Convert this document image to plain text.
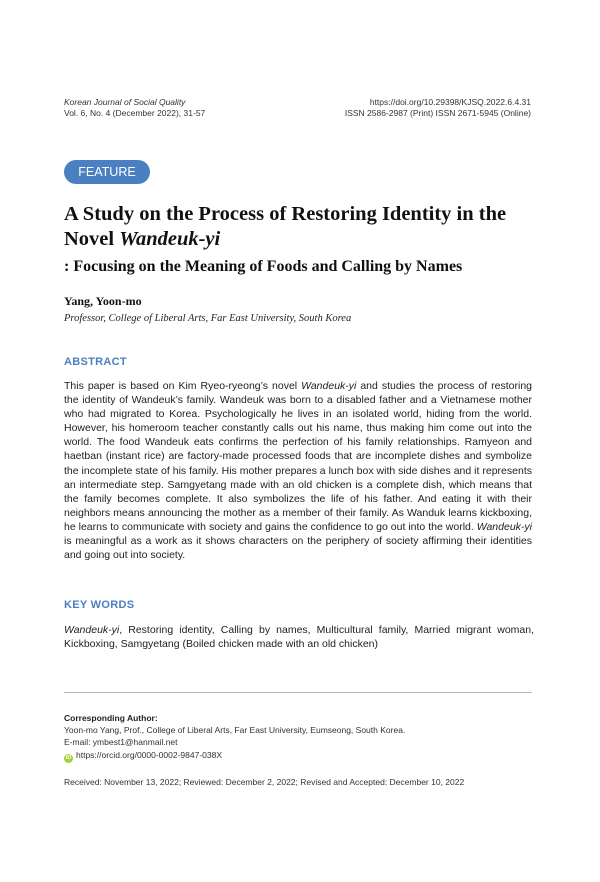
Korean Journal of Social Quality
Vol. 6, No. 4 (December 2022), 31-57
https://doi.org/10.29398/KJSQ.2022.6.4.31
ISSN 2586-2987 (Print) ISSN 2671-5945 (Online)
FEATURE
A Study on the Process of Restoring Identity in the Novel Wandeuk-yi
: Focusing on the Meaning of Foods and Calling by Names
Yang, Yoon-mo
Professor, College of Liberal Arts, Far East University, South Korea
ABSTRACT
This paper is based on Kim Ryeo-ryeong’s novel Wandeuk-yi and studies the process of restoring the identity of Wandeuk’s family. Wandeuk was born to a disabled father and a Vietnamese mother who had migrated to Korea. Psychologically he lives in an isolated world, hiding from the world. However, his homeroom teacher constantly calls out his name, thus making him come out into the world. The food Wandeuk eats confirms the perfection of his family relationships. Ramyeon and haetban (instant rice) are factory-made processed foods that are incomplete dishes and symbolize the incomplete state of his family. His mother prepares a lunch box with side dishes and it represents an intermediate step. Samgyetang made with an old chicken is a complete dish, which means that the family becomes complete. It also symbolizes the life of his father. And eating it with their neighbors means announcing the mother as a member of their family. As Wanduk learns kickboxing, he learns to communicate with society and gains the confidence to go out into the world. Wandeuk-yi is meaningful as a work as it shows characters on the periphery of society affirming their identities and going out into society.
KEY WORDS
Wandeuk-yi, Restoring identity, Calling by names, Multicultural family, Married migrant woman, Kickboxing, Samgyetang (Boiled chicken made with an old chicken)
Corresponding Author:
Yoon-mo Yang, Prof., College of Liberal Arts, Far East University, Eumseong, South Korea.
E-mail: ymbest1@hanmail.net
iD https://orcid.org/0000-0002-9847-038X
Received: November 13, 2022; Reviewed: December 2, 2022; Revised and Accepted: December 10, 2022
